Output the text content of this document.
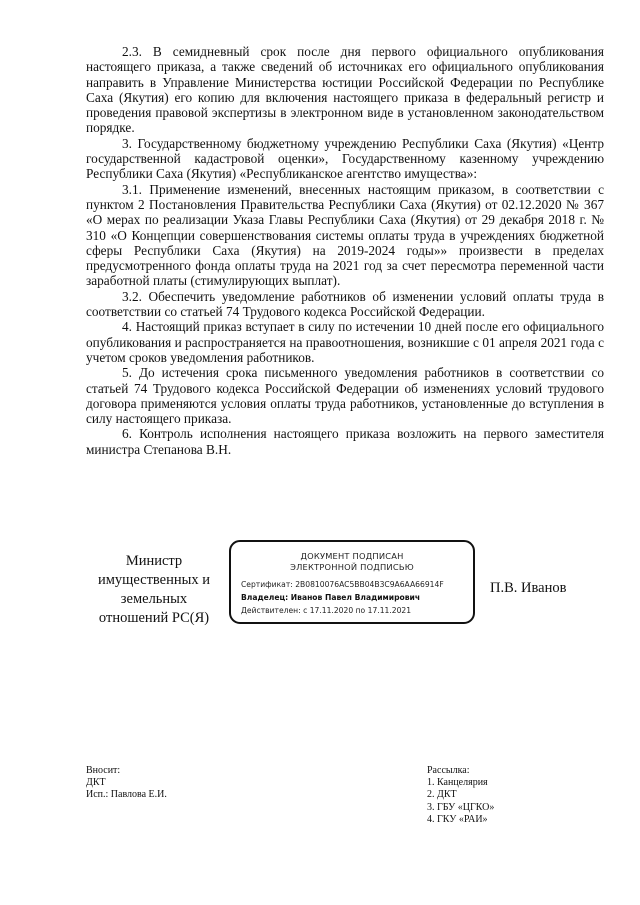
2.3. В семидневный срок после дня первого официального опубликования настоящего приказа, а также сведений об источниках его официального опубликования направить в Управление Министерства юстиции Российской Федерации по Республике Саха (Якутия) его копию для включения настоящего приказа в федеральный регистр и проведения правовой экспертизы в электронном виде в установленном законодательством порядке.

3. Государственному бюджетному учреждению Республики Саха (Якутия) «Центр государственной кадастровой оценки», Государственному казенному учреждению Республики Саха (Якутия) «Республиканское агентство имущества»:

3.1. Применение изменений, внесенных настоящим приказом, в соответствии с пунктом 2 Постановления Правительства Республики Саха (Якутия) от 02.12.2020 № 367 «О мерах по реализации Указа Главы Республики Саха (Якутия) от 29 декабря 2018 г. № 310 «О Концепции совершенствования системы оплаты труда в учреждениях бюджетной сферы Республики Саха (Якутия) на 2019-2024 годы»» произвести в пределах предусмотренного фонда оплаты труда на 2021 год за счет пересмотра переменной части заработной платы (стимулирующих выплат).

3.2. Обеспечить уведомление работников об изменении условий оплаты труда в соответствии со статьей 74 Трудового кодекса Российской Федерации.

4. Настоящий приказ вступает в силу по истечении 10 дней после его официального опубликования и распространяется на правоотношения, возникшие с 01 апреля 2021 года с учетом сроков уведомления работников.

5. До истечения срока письменного уведомления работников в соответствии со статьей 74 Трудового кодекса Российской Федерации об изменениях условий трудового договора применяются условия оплаты труда работников, установленные до вступления в силу настоящего приказа.

6. Контроль исполнения настоящего приказа возложить на первого заместителя министра Степанова В.Н.

Министр
имущественных и
земельных
отношений РС(Я)
ДОКУМЕНТ ПОДПИСАН
ЭЛЕКТРОННОЙ ПОДПИСЬЮ
Сертификат: 2B0810076AC5BB04B3C9A6AA66914F
Владелец: Иванов Павел Владимирович
Действителен: с 17.11.2020 по 17.11.2021
П.В. Иванов
Вносит:
ДКТ
Исп.: Павлова Е.И.
Рассылка:
1. Канцелярия
2. ДКТ
3. ГБУ «ЦГКО»
4. ГКУ «РАИ»
